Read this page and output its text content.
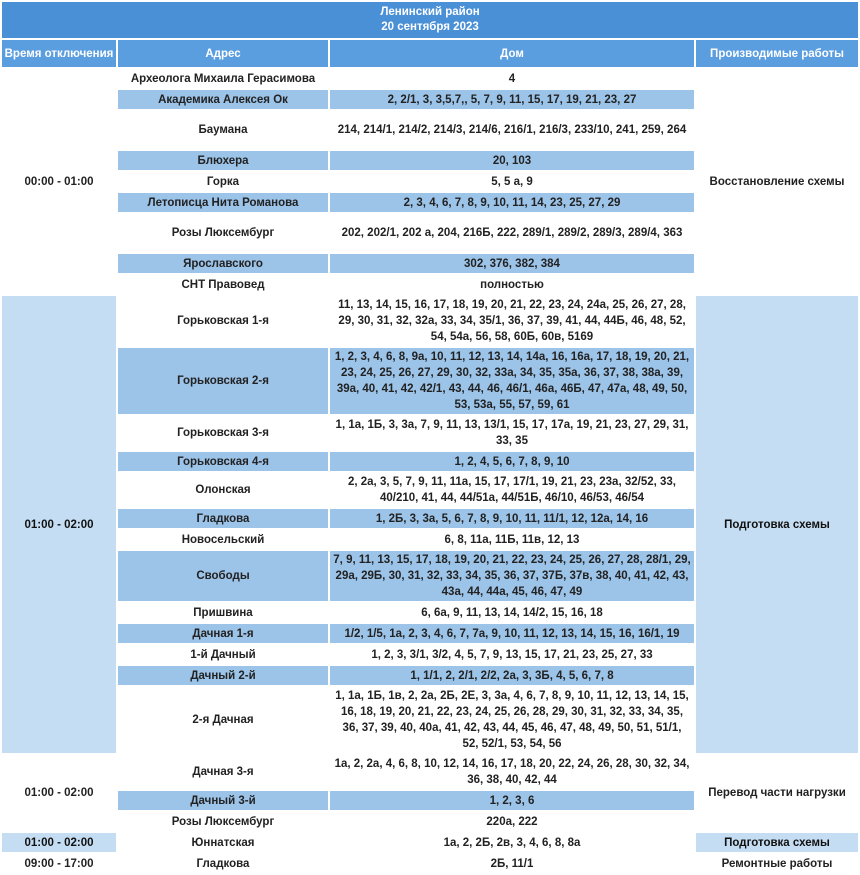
Ленинский район
20 сентября 2023			

Время отключения	Адрес	Дом	Производимые работы
00:00 - 01:00	Археолога Михаила Герасимова	4	Восстановление схемы
	Академика Алексея Ок	2, 2/1, 3, 3,5,7,, 5, 7, 9, 11, 15, 17, 19, 21, 23, 27	
	Баумана	214, 214/1, 214/2, 214/3, 214/6, 216/1, 216/3, 233/10, 241, 259, 264	
	Блюхера	20, 103	
	Горка	5, 5 а, 9	
	Летописца Нита Романова	2, 3, 4, 6, 7, 8, 9, 10, 11, 14, 23, 25, 27, 29	
	Розы Люксембург	202, 202/1, 202 а, 204, 216Б, 222, 289/1, 289/2, 289/3, 289/4, 363	
	Ярославского	302, 376, 382, 384	
	СНТ Правовед	полностью	
01:00 - 02:00	Горьковская 1-я	11, 13, 14, 15, 16, 17, 18, 19, 20, 21, 22, 23, 24, 24а, 25, 26, 27, 28, 29, 30, 31, 32, 32а, 33, 34, 35/1, 36, 37, 39, 41, 44, 44Б, 46, 48, 52, 54, 54а, 56, 58, 60Б, 60в, 5169	Подготовка схемы
	Горьковская 2-я	1, 2, 3, 4, 6, 8, 9а, 10, 11, 12, 13, 14, 14а, 16, 16а, 17, 18, 19, 20, 21, 23, 24, 25, 26, 27, 29, 30, 32, 33а, 34, 35, 35а, 36, 37, 38, 38а, 39, 39а, 40, 41, 42, 42/1, 43, 44, 46, 46/1, 46а, 46Б, 47, 47а, 48, 49, 50, 53, 53а, 55, 57, 59, 61	
	Горьковская 3-я	1, 1а, 1Б, 3, 3а, 7, 9, 11, 13, 13/1, 15, 17, 17а, 19, 21, 23, 27, 29, 31, 33, 35	
	Горьковская 4-я	1, 2, 4, 5, 6, 7, 8, 9, 10	
	Олонская	2, 2а, 3, 5, 7, 9, 11, 11а, 15, 17, 17/1, 19, 21, 23, 23а, 32/52, 33, 40/210, 41, 44, 44/51а, 44/51Б, 46/10, 46/53, 46/54	
	Гладкова	1, 2Б, 3, 3а, 5, 6, 7, 8, 9, 10, 11, 11/1, 12, 12а, 14, 16	
	Новосельский	6, 8, 11а, 11Б, 11в, 12, 13	
	Свободы	7, 9, 11, 13, 15, 17, 18, 19, 20, 21, 22, 23, 24, 25, 26, 27, 28, 28/1, 29, 29а, 29Б, 30, 31, 32, 33, 34, 35, 36, 37, 37Б, 37в, 38, 40, 41, 42, 43, 43а, 44, 44а, 45, 46, 47, 49	
	Пришвина	6, 6а, 9, 11, 13, 14, 14/2, 15, 16, 18	
	Дачная 1-я	1/2, 1/5, 1а, 2, 3, 4, 6, 7, 7а, 9, 10, 11, 12, 13, 14, 15, 16, 16/1, 19	
	1-й Дачный	1, 2, 3, 3/1, 3/2, 4, 5, 7, 9, 13, 15, 17, 21, 23, 25, 27, 33	
	Дачный 2-й	1, 1/1, 2, 2/1, 2/2, 2а, 3, 3Б, 4, 5, 6, 7, 8	
	2-я Дачная	1, 1а, 1Б, 1в, 2, 2а, 2Б, 2Е, 3, 3а, 4, 6, 7, 8, 9, 10, 11, 12, 13, 14, 15, 16, 18, 19, 20, 21, 22, 23, 24, 25, 26, 28, 29, 30, 31, 32, 33, 34, 35, 36, 37, 39, 40, 40а, 41, 42, 43, 44, 45, 46, 47, 48, 49, 50, 51, 51/1, 52, 52/1, 53, 54, 56	
01:00 - 02:00	Дачная 3-я	1а, 2, 2а, 4, 6, 8, 10, 12, 14, 16, 17, 18, 20, 22, 24, 26, 28, 30, 32, 34, 36, 38, 40, 42, 44	Перевод части нагрузки
	Дачный 3-й	1, 2, 3, 6	
	Розы Люксембург	220а, 222	
01:00 - 02:00	Юннатская	1а, 2, 2Б, 2в, 3, 4, 6, 8, 8а	Подготовка схемы
09:00 - 17:00	Гладкова	2Б, 11/1	Ремонтные работы
